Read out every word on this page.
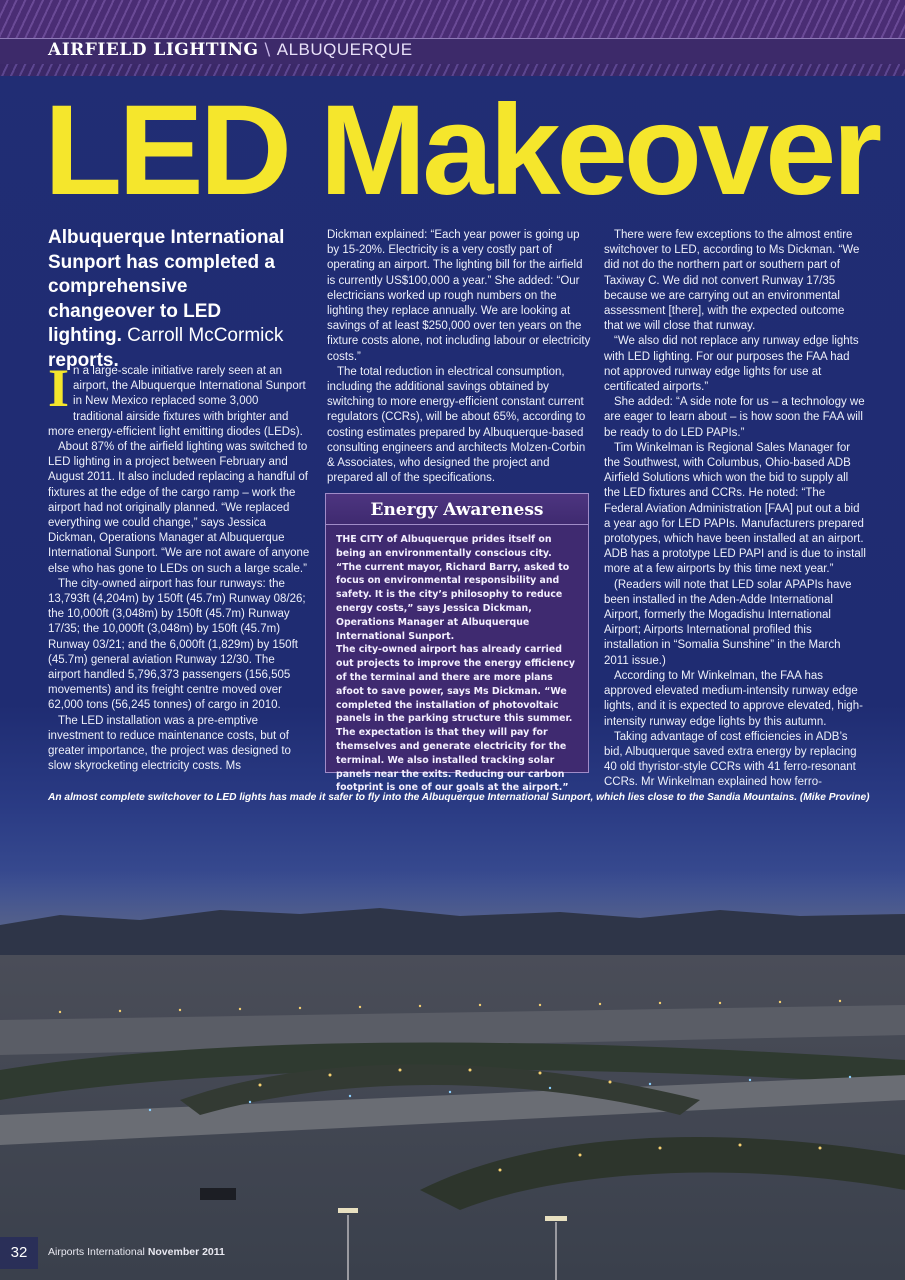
AIRFIELD LIGHTING \ ALBUQUERQUE
LED Makeover
Albuquerque International Sunport has completed a comprehensive changeover to LED lighting. Carroll McCormick reports.

In a large-scale initiative rarely seen at an airport, the Albuquerque International Sunport in New Mexico replaced some 3,000 traditional airside fixtures with brighter and more energy-efficient light emitting diodes (LEDs).

About 87% of the airfield lighting was switched to LED lighting in a project between February and August 2011. It also included replacing a handful of fixtures at the edge of the cargo ramp – work the airport had not originally planned. “We replaced everything we could change,” says Jessica Dickman, Operations Manager at Albuquerque International Sunport. “We are not aware of anyone else who has gone to LEDs on such a large scale.”

The city-owned airport has four runways: the 13,793ft (4,204m) by 150ft (45.7m) Runway 08/26; the 10,000ft (3,048m) by 150ft (45.7m) Runway 17/35; the 10,000ft (3,048m) by 150ft (45.7m) Runway 03/21; and the 6,000ft (1,829m) by 150ft (45.7m) general aviation Runway 12/30. The airport handled 5,796,373 passengers (156,505 movements) and its freight centre moved over 62,000 tons (56,245 tonnes) of cargo in 2010.

The LED installation was a pre-emptive investment to reduce maintenance costs, but of greater importance, the project was designed to slow skyrocketing electricity costs. Ms

Dickman explained: “Each year power is going up by 15-20%. Electricity is a very costly part of operating an airport. The lighting bill for the airfield is currently US$100,000 a year.” She added: “Our electricians worked up rough numbers on the lighting they replace annually. We are looking at savings of at least $250,000 over ten years on the fixture costs alone, not including labour or electricity costs.”

The total reduction in electrical consumption, including the additional savings obtained by switching to more energy-efficient constant current regulators (CCRs), will be about 65%, according to costing estimates prepared by Albuquerque-based consulting engineers and architects Molzen-Corbin & Associates, who designed the project and prepared all of the specifications.

Energy Awareness
THE CITY of Albuquerque prides itself on being an environmentally conscious city. “The current mayor, Richard Barry, asked to focus on environmental responsibility and safety. It is the city’s philosophy to reduce energy costs,” says Jessica Dickman, Operations Manager at Albuquerque International Sunport.
The city-owned airport has already carried out projects to improve the energy efficiency of the terminal and there are more plans afoot to save power, says Ms Dickman. “We completed the installation of photovoltaic panels in the parking structure this summer. The expectation is that they will pay for themselves and generate electricity for the terminal. We also installed tracking solar panels near the exits. Reducing our carbon footprint is one of our goals at the airport.”

There were few exceptions to the almost entire switchover to LED, according to Ms Dickman. “We did not do the northern part or southern part of Taxiway C. We did not convert Runway 17/35 because we are carrying out an environmental assessment [there], with the expected outcome that we will close that runway.

“We also did not replace any runway edge lights with LED lighting. For our purposes the FAA had not approved runway edge lights for use at certificated airports.”

She added: “A side note for us – a technology we are eager to learn about – is how soon the FAA will be ready to do LED PAPIs.”

Tim Winkelman is Regional Sales Manager for the Southwest, with Columbus, Ohio-based ADB Airfield Solutions which won the bid to supply all the LED fixtures and CCRs. He noted: “The Federal Aviation Administration [FAA] put out a bid a year ago for LED PAPIs. Manufacturers prepared prototypes, which have been installed at an airport. ADB has a prototype LED PAPI and is due to install more at a few airports by this time next year.”

(Readers will note that LED solar APAPIs have been installed in the Aden-Adde International Airport, formerly the Mogadishu International Airport; Airports International profiled this installation in “Somalia Sunshine” in the March 2011 issue.)

According to Mr Winkelman, the FAA has approved elevated medium-intensity runway edge lights, and it is expected to approve elevated, high-intensity runway edge lights by this autumn.

Taking advantage of cost efficiencies in ADB’s bid, Albuquerque saved extra energy by replacing 40 old thyristor-style CCRs with 41 ferro-resonant CCRs. Mr Winkelman explained how ferro-

An almost complete switchover to LED lights has made it safer to fly into the Albuquerque International Sunport, which lies close to the Sandia Mountains. (Mike Provine)
32	Airports International November 2011
